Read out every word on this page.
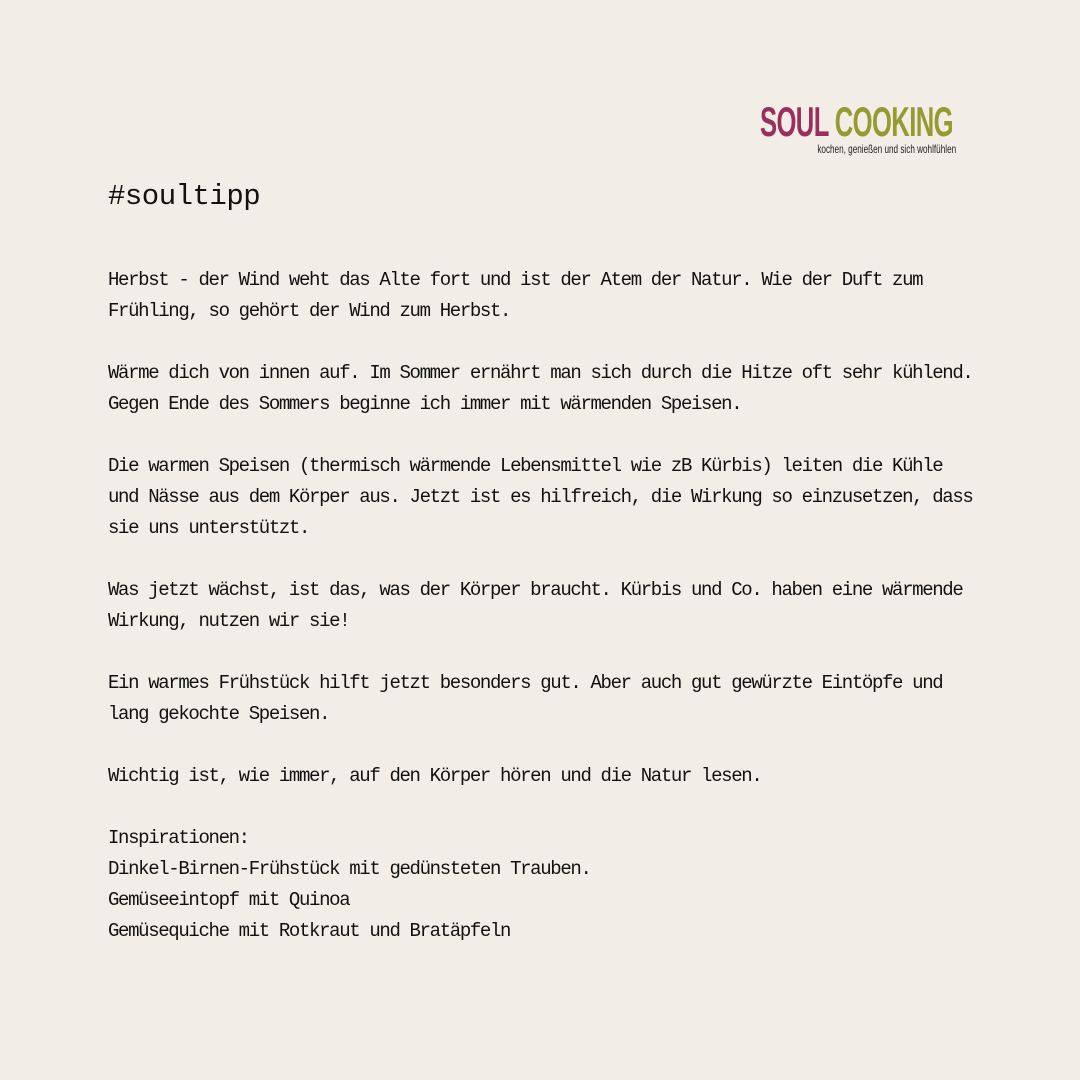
SOUL COOKING
kochen, genießen und sich wohlfühlen
#soultipp

Herbst - der Wind weht das Alte fort und ist der Atem der Natur. Wie der Duft zum
Frühling, so gehört der Wind zum Herbst.

Wärme dich von innen auf. Im Sommer ernährt man sich durch die Hitze oft sehr kühlend.
Gegen Ende des Sommers beginne ich immer mit wärmenden Speisen.

Die warmen Speisen (thermisch wärmende Lebensmittel wie zB Kürbis) leiten die Kühle
und Nässe aus dem Körper aus. Jetzt ist es hilfreich, die Wirkung so einzusetzen, dass
sie uns unterstützt.

Was jetzt wächst, ist das, was der Körper braucht. Kürbis und Co. haben eine wärmende
Wirkung, nutzen wir sie!

Ein warmes Frühstück hilft jetzt besonders gut. Aber auch gut gewürzte Eintöpfe und
lang gekochte Speisen.

Wichtig ist, wie immer, auf den Körper hören und die Natur lesen.

Inspirationen:
Dinkel-Birnen-Frühstück mit gedünsteten Trauben.
Gemüseeintopf mit Quinoa
Gemüsequiche mit Rotkraut und Bratäpfeln
